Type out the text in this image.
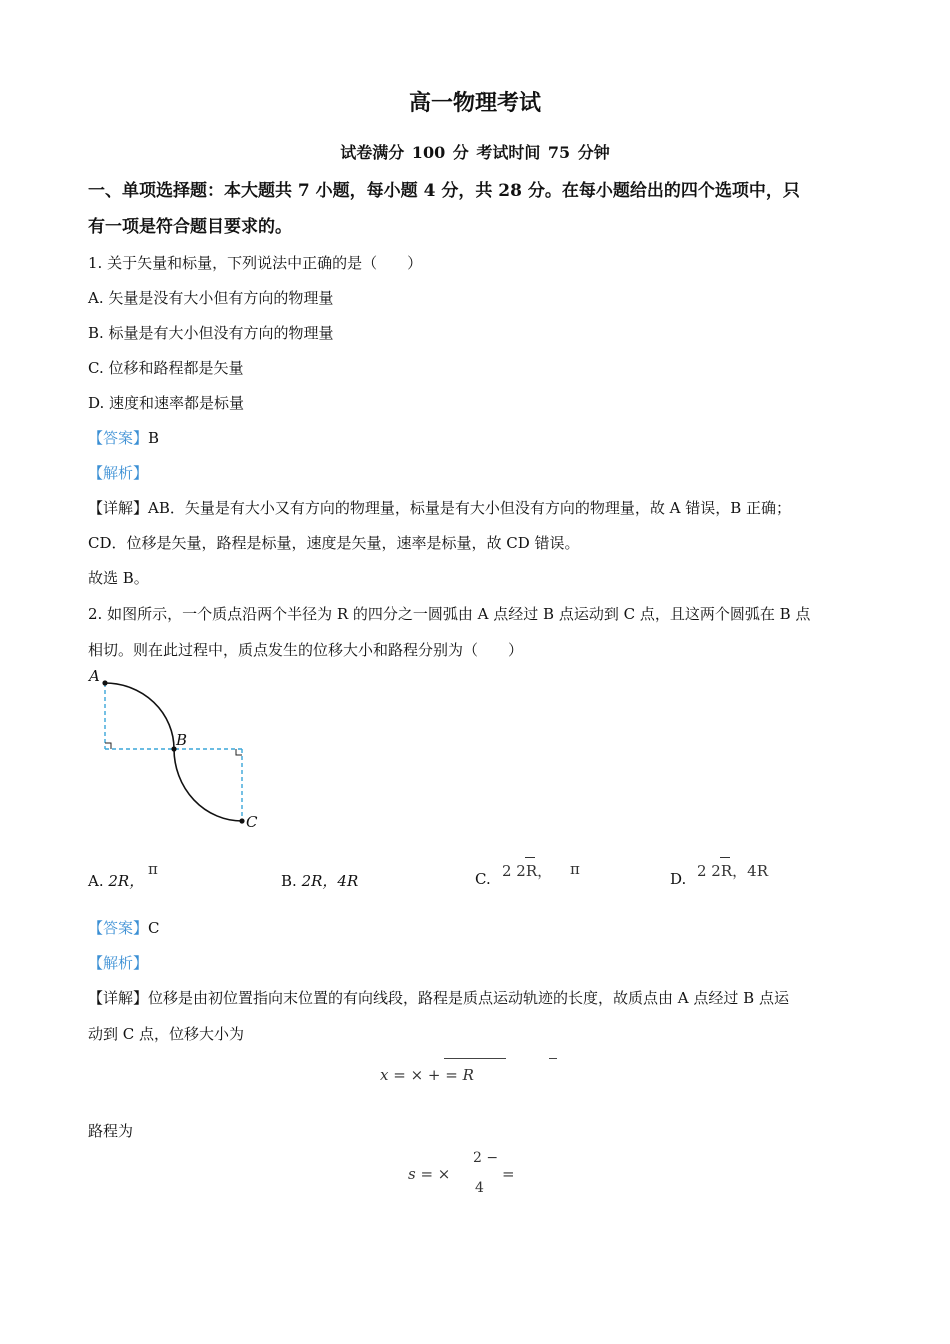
高一物理考试
试卷满分 100 分 考试时间 75 分钟
一、单项选择题：本大题共 7 小题，每小题 4 分，共 28 分。在每小题给出的四个选项中，只
有一项是符合题目要求的。
1. 关于矢量和标量，下列说法中正确的是（　　）
A. 矢量是没有大小但有方向的物理量
B. 标量是有大小但没有方向的物理量
C. 位移和路程都是矢量
D. 速度和速率都是标量
【答案】B
【解析】
【详解】AB．矢量是有大小又有方向的物理量，标量是有大小但没有方向的物理量，故 A 错误，B 正确；
CD．位移是矢量，路程是标量，速度是矢量，速率是标量，故 CD 错误。
故选 B。
2. 如图所示，一个质点沿两个半径为 R 的四分之一圆弧由 A 点经过 B 点运动到 C 点，且这两个圆弧在 B 点
相切。则在此过程中，质点发生的位移大小和路程分别为（　　）
A
B
C
A. 2R，
π
B. 2R，4R	C. 2 2R， π
D. 2 2R，4R
【答案】C
【解析】
【详解】位移是由初位置指向末位置的有向线段，路程是质点运动轨迹的长度，故质点由 A 点经过 B 点运
动到 C 点，位移大小为
x = × + = R
路程为
2 −
s = ×
4
=
